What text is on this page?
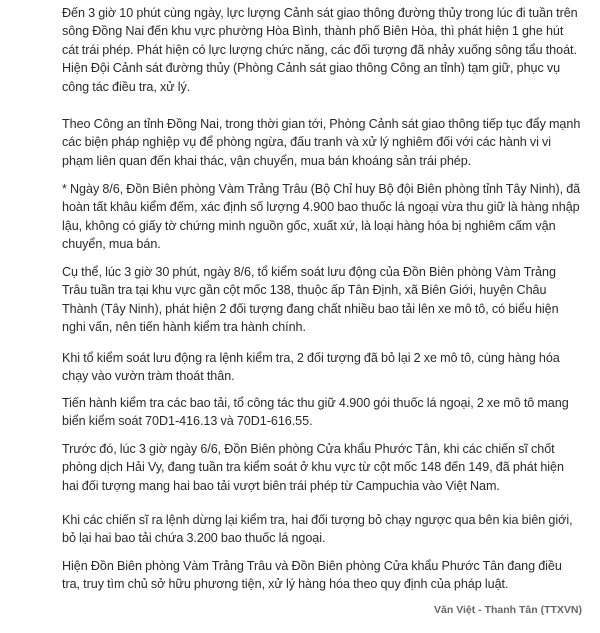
Đến 3 giờ 10 phút cùng ngày, lực lượng Cảnh sát giao thông đường thủy trong lúc đi tuần trên sông Đồng Nai đến khu vực phường Hòa Bình, thành phố Biên Hòa, thì phát hiện 1 ghe hút cát trái phép. Phát hiện có lực lượng chức năng, các đối tượng đã nhảy xuống sông tẩu thoát. Hiện Đội Cảnh sát đường thủy (Phòng Cảnh sát giao thông Công an tỉnh) tạm giữ, phục vụ công tác điều tra, xử lý.

Theo Công an tỉnh Đồng Nai, trong thời gian tới, Phòng Cảnh sát giao thông tiếp tục đẩy mạnh các biện pháp nghiệp vụ để phòng ngừa, đấu tranh và xử lý nghiêm đối với các hành vi vi phạm liên quan đến khai thác, vận chuyển, mua bán khoáng sản trái phép.

* Ngày 8/6, Đồn Biên phòng Vàm Trảng Trâu (Bộ Chỉ huy Bộ đội Biên phòng tỉnh Tây Ninh), đã hoàn tất khâu kiểm đếm, xác định số lượng 4.900 bao thuốc lá ngoại vừa thu giữ là hàng nhập lậu, không có giấy tờ chứng minh nguồn gốc, xuất xứ, là loại hàng hóa bị nghiêm cấm vận chuyển, mua bán.

Cụ thể, lúc 3 giờ 30 phút, ngày 8/6, tổ kiểm soát lưu động của Đồn Biên phòng Vàm Trảng Trâu tuần tra tại khu vực gần cột mốc 138, thuộc ấp Tân Định, xã Biên Giới, huyện Châu Thành (Tây Ninh), phát hiện 2 đối tượng đang chất nhiều bao tải lên xe mô tô, có biểu hiện nghi vấn, nên tiến hành kiểm tra hành chính.

Khi tổ kiểm soát lưu động ra lệnh kiểm tra, 2 đối tượng đã bỏ lại 2 xe mô tô, cùng hàng hóa chạy vào vườn tràm thoát thân.

Tiến hành kiểm tra các bao tải, tổ công tác thu giữ 4.900 gói thuốc lá ngoại, 2 xe mô tô mang biển kiểm soát 70D1-416.13 và 70D1-616.55.

Trước đó, lúc 3 giờ ngày 6/6, Đồn Biên phòng Cửa khẩu Phước Tân, khi các chiến sĩ chốt phòng dịch Hải Vy, đang tuần tra kiểm soát ở khu vực từ cột mốc 148 đến 149, đã phát hiện hai đối tượng mang hai bao tải vượt biên trái phép từ Campuchia vào Việt Nam.

Khi các chiến sĩ ra lệnh dừng lại kiểm tra, hai đối tượng bỏ chạy ngược qua bên kia biên giới, bỏ lại hai bao tải chứa 3.200 bao thuốc lá ngoại.

Hiện Đồn Biên phòng Vàm Trảng Trâu và Đồn Biên phòng Cửa khẩu Phước Tân đang điều tra, truy tìm chủ sở hữu phương tiện, xử lý hàng hóa theo quy định của pháp luật.

Văn Việt - Thanh Tân (TTXVN)
